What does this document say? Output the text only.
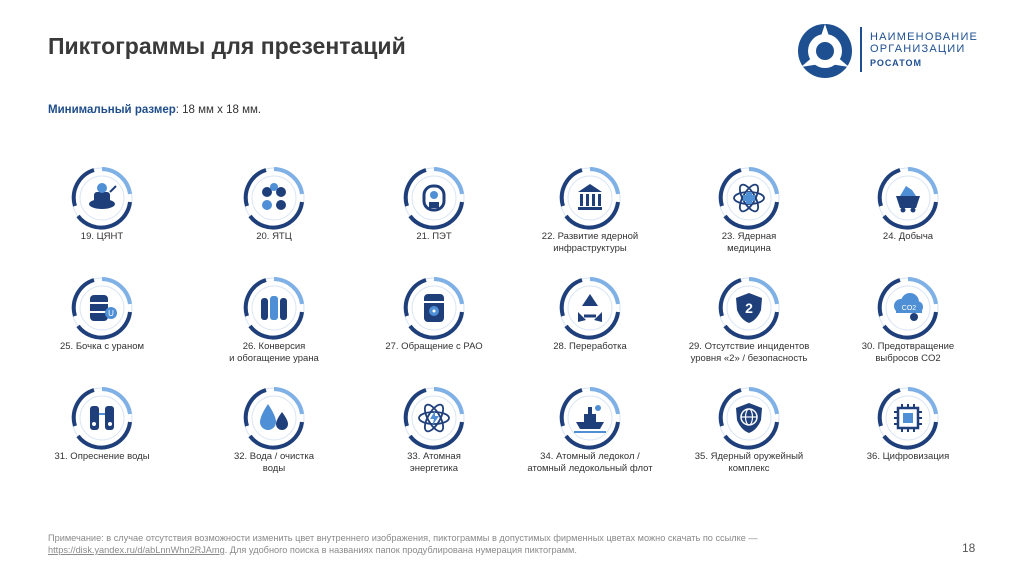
Пиктограммы для презентаций	НАИМЕНОВАНИЕ
ОРГАНИЗАЦИИ
РОСАТОМ
Минимальный размер: 18 мм х 18 мм.
19. ЦЯНТ	20. ЯТЦ	21. ПЭТ	22. Развитие ядерной
инфраструктуры
23. Ядерная
медицина
24. Добыча
U
25. Бочка с ураном	26. Конверсия
и обогащение урана
27. Обращение с РАО	28. Переработка
2
29. Отсутствие инцидентов
уровня «2» / безопасность
CO2
30. Предотвращение
выбросов CO2
31. Опреснение воды	32. Вода / очистка
воды
33. Атомная
энергетика
34. Атомный ледокол /
атомный ледокольный флот
35. Ядерный оружейный
комплекс
36. Цифровизация
Примечание: в случае отсутствия возможности изменить цвет внутреннего изображения, пиктограммы в допустимых фирменных цветах можно скачать по ссылке —
https://disk.yandex.ru/d/abLnnWhn2RJAmg. Для удобного поиска в названиях папок продублирована нумерация пиктограмм.	18
